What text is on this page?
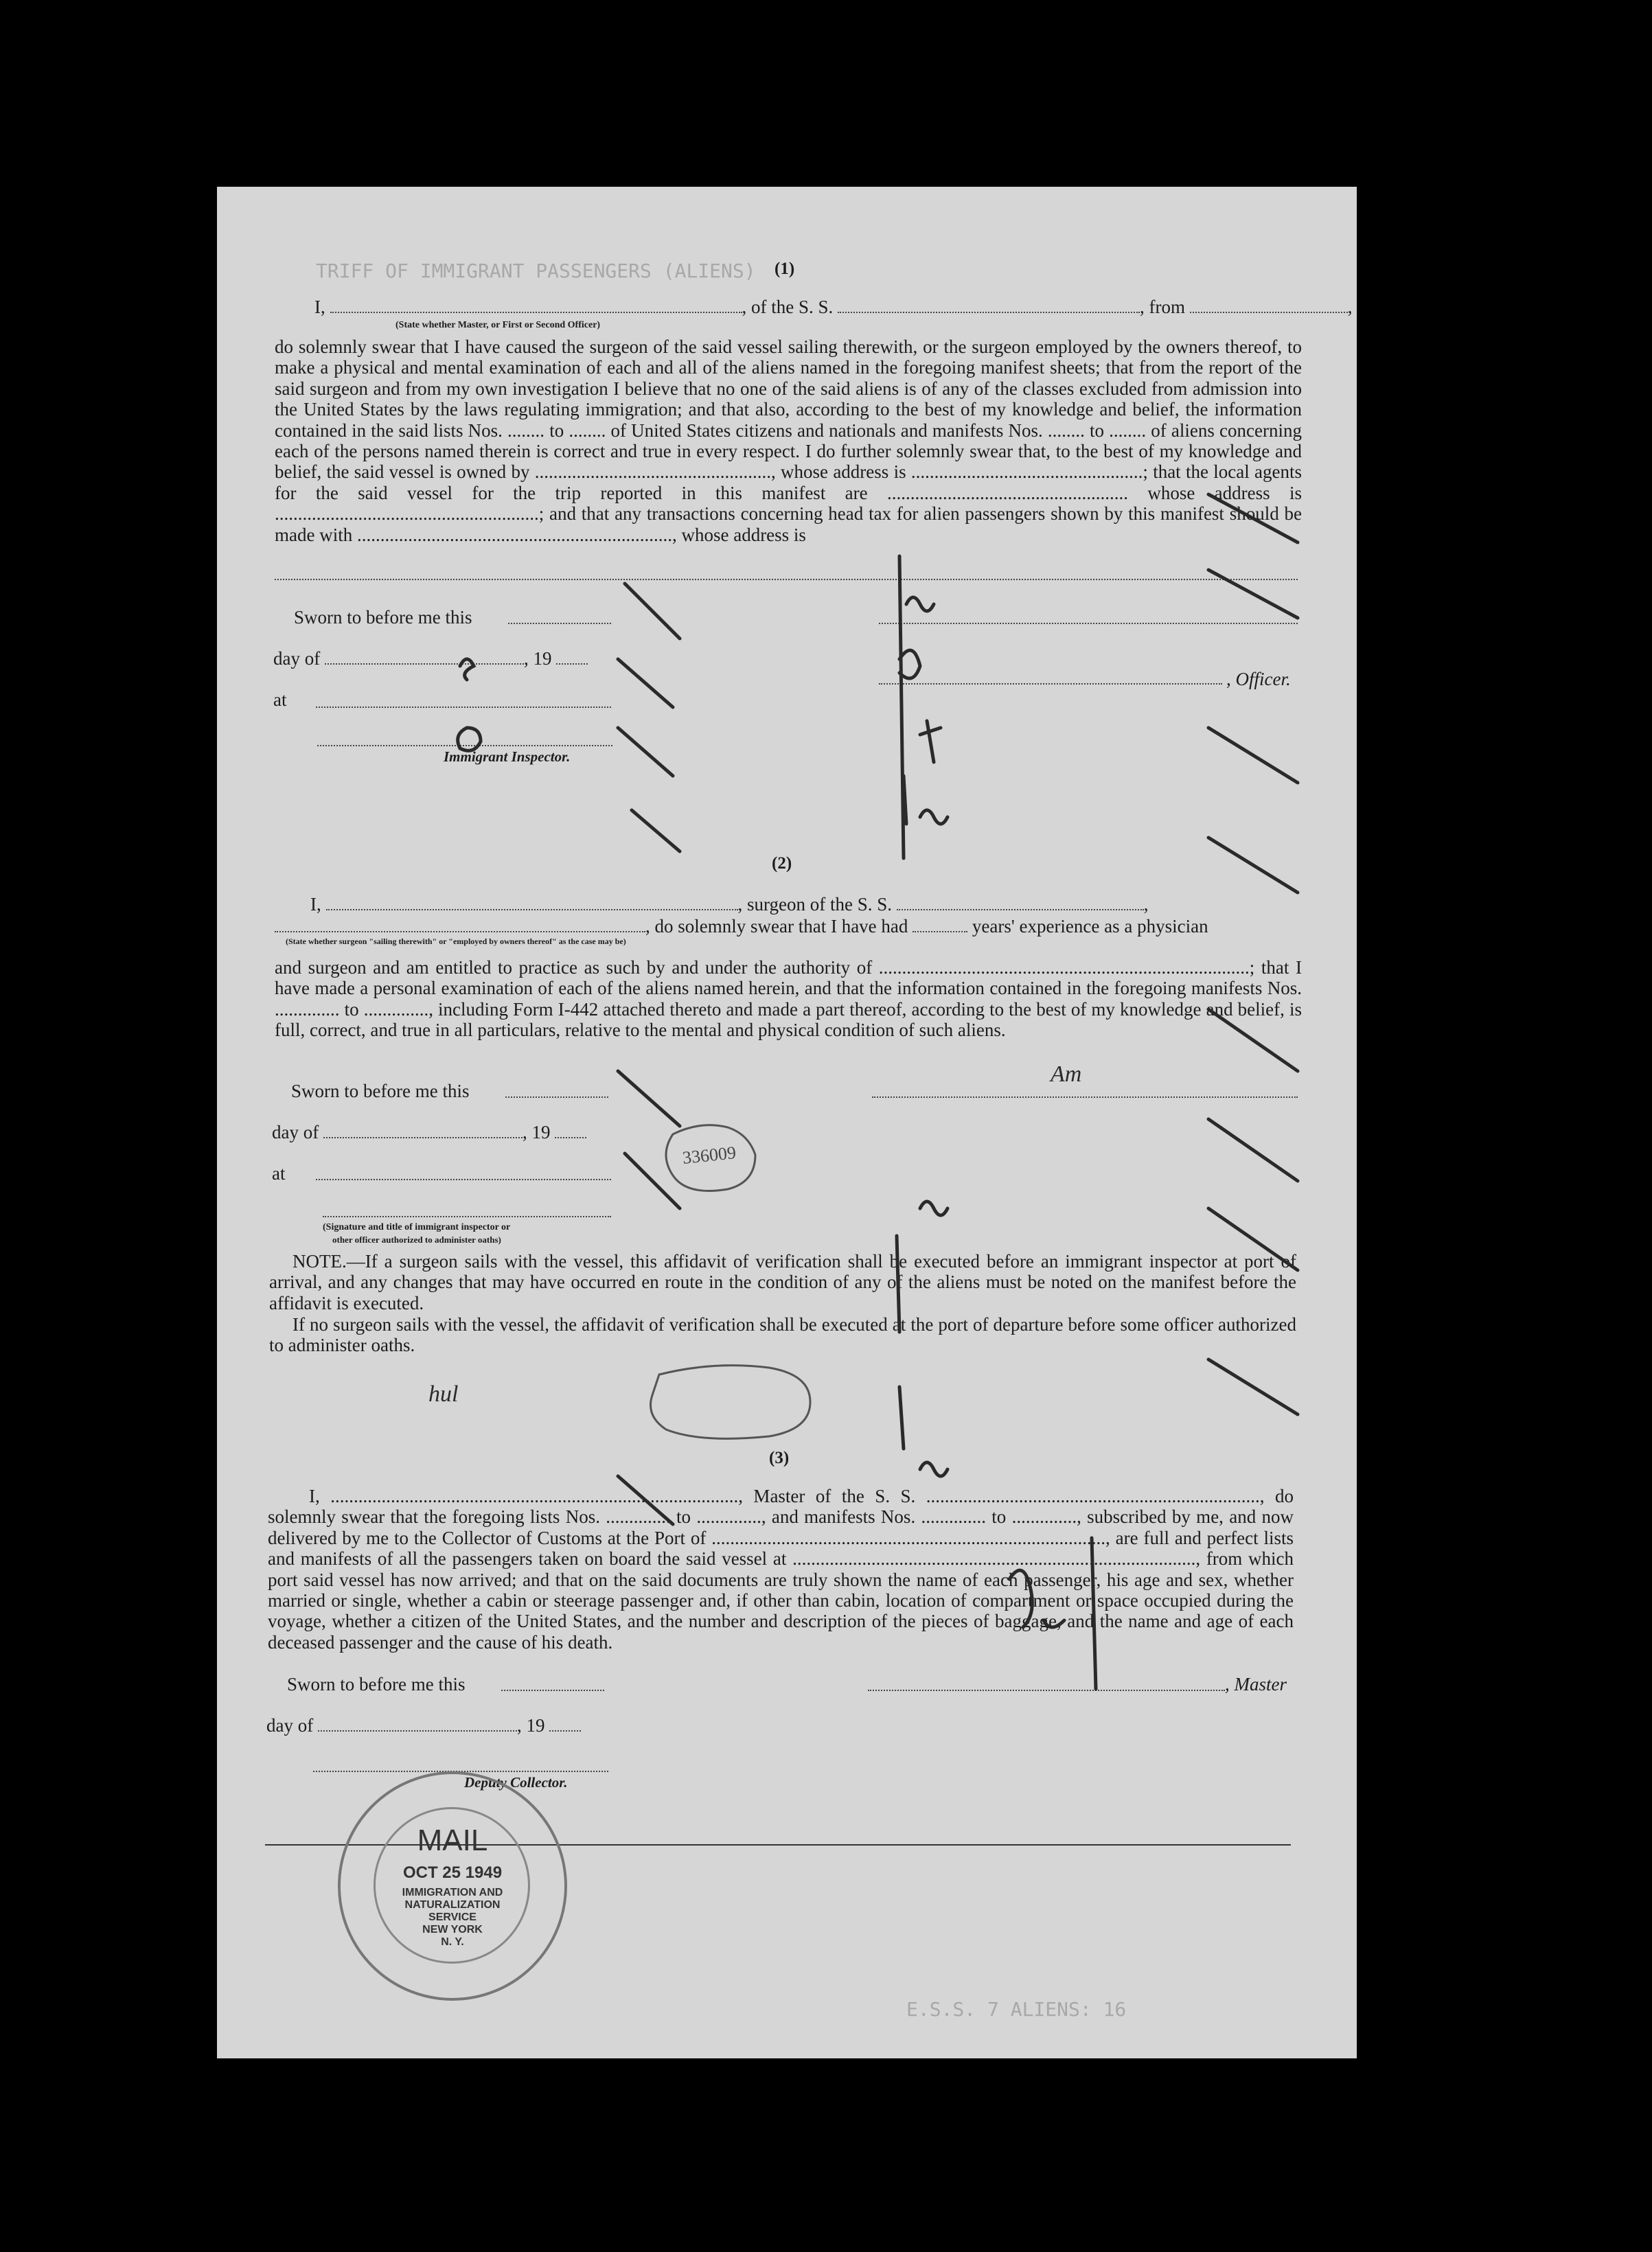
TRIFF OF IMMIGRANT PASSENGERS (ALIENS)
E.S.S. 7 ALIENS: 16
(1)
I,	, of the S. S.	, from	,
(State whether Master, or First or Second Officer)
do solemnly swear that I have caused the surgeon of the said vessel sailing therewith, or the surgeon employed by the owners thereof, to make a physical and mental examination of each and all of the aliens named in the foregoing manifest sheets; that from the report of the said surgeon and from my own investigation I believe that no one of the said aliens is of any of the classes excluded from admission into the United States by the laws regulating immigration; and that also, according to the best of my knowledge and belief, the information contained in the said lists Nos. ........ to ........ of United States citizens and nationals and manifests Nos. ........ to ........ of aliens concerning each of the persons named therein is correct and true in every respect. I do further solemnly swear that, to the best of my knowledge and belief, the said vessel is owned by ..................................................., whose address is ..................................................; that the local agents for the said vessel for the trip reported in this manifest are .................................................... whose address is .........................................................; and that any transactions concerning head tax for alien passengers shown by this manifest should be made with ...................................................................., whose address is
Sworn to before me this
day of	, 19
, Officer.
at
Immigrant Inspector.
(2)
I,	, surgeon of the S. S.	,
, do solemnly swear that I have had	years' experience as a physician
(State whether surgeon "sailing therewith" or "employed by owners thereof" as the case may be)
and surgeon and am entitled to practice as such by and under the authority of ................................................................................; that I have made a personal examination of each of the aliens named herein, and that the information contained in the foregoing manifests Nos. .............. to .............., including Form I-442 attached thereto and made a part thereof, according to the best of my knowledge and belief, is full, correct, and true in all particulars, relative to the mental and physical condition of such aliens.
Sworn to before me this
day of	, 19
at
(Signature and title of immigrant inspector or
other officer authorized to administer oaths)
NOTE.—If a surgeon sails with the vessel, this affidavit of verification shall be executed before an immigrant inspector at port of arrival, and any changes that may have occurred en route in the condition of any of the aliens must be noted on the manifest before the affidavit is executed.
If no surgeon sails with the vessel, the affidavit of verification shall be executed at the port of departure before some officer authorized to administer oaths.
(3)
I, ........................................................................................, Master of the S. S. ........................................................................, do solemnly swear that the foregoing lists Nos. .............. to .............., and manifests Nos. .............. to .............., subscribed by me, and now delivered by me to the Collector of Customs at the Port of ....................................................................................., are full and perfect lists and manifests of all the passengers taken on board the said vessel at ......................................................................................., from which port said vessel has now arrived; and that on the said documents are truly shown the name of each passenger, his age and sex, whether married or single, whether a cabin or steerage passenger and, if other than cabin, location of compartment or space occupied during the voyage, whether a citizen of the United States, and the number and description of the pieces of baggage, and the name and age of each deceased passenger and the cause of his death.
Sworn to before me this	, Master
day of	, 19
Deputy Collector.
Am
hul
336009
MAIL
OCT 25 1949
IMMIGRATION AND
NATURALIZATION
SERVICE
NEW YORK
N. Y.
